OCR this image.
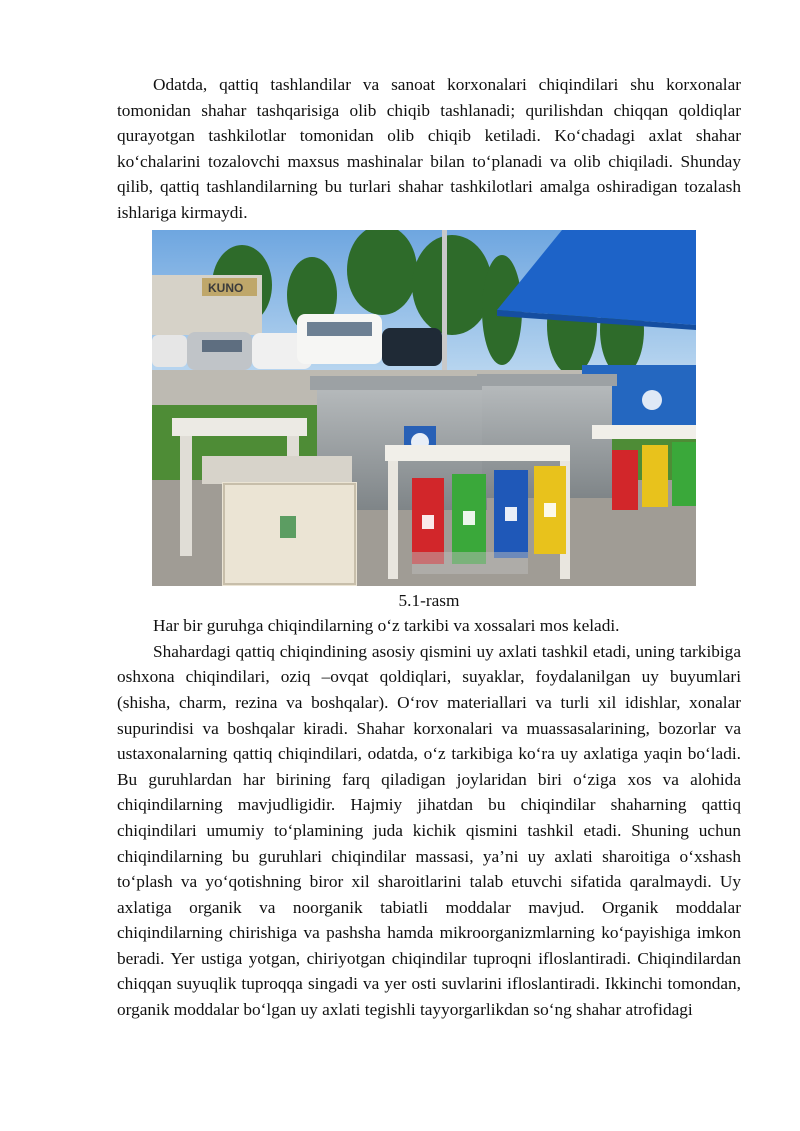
Odatda, qattiq tashlandilar va sanoat korxonalari chiqindilari shu korxonalar tomonidan shahar tashqarisiga olib chiqib tashlanadi; qurilishdan chiqqan qoldiqlar qurayotgan tashkilotlar tomonidan olib chiqib ketiladi. Ko‘chadagi axlat shahar ko‘chalarini tozalovchi maxsus mashinalar bilan to‘planadi va olib chiqiladi. Shunday qilib, qattiq tashlandilarning bu turlari shahar tashkilotlari amalga oshiradigan tozalash ishlariga kirmaydi.

KUNO

5.1-rasm

Har bir guruhga chiqindilarning o‘z tarkibi va xossalari mos keladi.

Shahardagi qattiq chiqindining asosiy qismini uy axlati tashkil etadi, uning tarkibiga oshxona chiqindilari, oziq –ovqat qoldiqlari, suyaklar, foydalanilgan uy buyumlari (shisha, charm, rezina va boshqalar). O‘rov materiallari va turli xil idishlar, xonalar supurindisi va boshqalar kiradi. Shahar korxonalari va muassasalarining, bozorlar va ustaxonalarning qattiq chiqindilari, odatda, o‘z tarkibiga ko‘ra uy axlatiga yaqin bo‘ladi. Bu guruhlardan har birining farq qiladigan joylaridan biri o‘ziga xos va alohida chiqindilarning mavjudligidir. Hajmiy jihatdan bu chiqindilar shaharning qattiq chiqindilari umumiy to‘plamining juda kichik qismini tashkil etadi. Shuning uchun chiqindilarning bu guruhlari chiqindilar massasi, ya’ni uy axlati sharoitiga o‘xshash to‘plash va yo‘qotishning biror xil sharoitlarini talab etuvchi sifatida qaralmaydi. Uy axlatiga organik va noorganik tabiatli moddalar mavjud. Organik moddalar chiqindilarning chirishiga va pashsha hamda mikroorganizmlarning ko‘payishiga imkon beradi. Yer ustiga yotgan, chiriyotgan chiqindilar tuproqni ifloslantiradi. Chiqindilardan chiqqan suyuqlik tuproqqa singadi va yer osti suvlarini ifloslantiradi. Ikkinchi tomondan, organik moddalar bo‘lgan uy axlati tegishli tayyorgarlikdan so‘ng shahar atrofidagi
